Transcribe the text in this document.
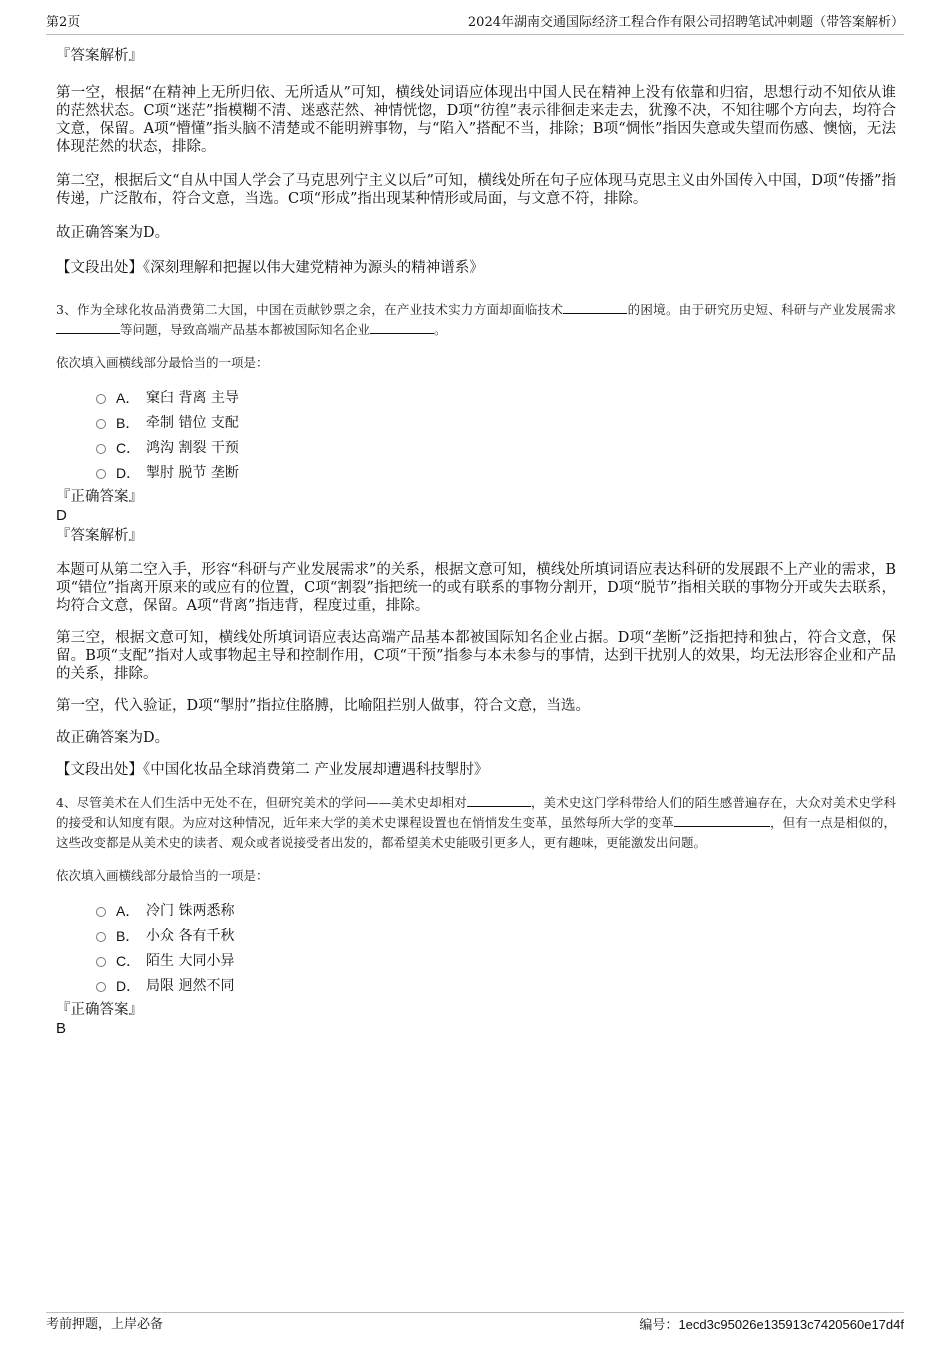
第2页	2024年湖南交通国际经济工程合作有限公司招聘笔试冲刺题（带答案解析）

『答案解析』

第一空，根据“在精神上无所归依、无所适从”可知，横线处词语应体现出中国人民在精神上没有依靠和归宿，思想行动不知依从谁的茫然状态。C项“迷茫”指模糊不清、迷惑茫然、神情恍惚，D项“彷徨”表示徘徊走来走去，犹豫不决，不知往哪个方向去，均符合文意，保留。A项“懵懂”指头脑不清楚或不能明辨事物，与“陷入”搭配不当，排除；B项“惆怅”指因失意或失望而伤感、懊恼，无法体现茫然的状态，排除。

第二空，根据后文“自从中国人学会了马克思列宁主义以后”可知，横线处所在句子应体现马克思主义由外国传入中国，D项“传播”指传递，广泛散布，符合文意，当选。C项“形成”指出现某种情形或局面，与文意不符，排除。

故正确答案为D。

【文段出处】《深刻理解和把握以伟大建党精神为源头的精神谱系》

3、作为全球化妆品消费第二大国，中国在贡献钞票之余，在产业技术实力方面却面临技术	的困境。由于研究历史短、科研与产业发展需求等问题，导致高端产品基本都被国际知名企业	。

依次填入画横线部分最恰当的一项是：

A． 窠臼 背离 主导
B． 牵制 错位 支配
C． 鸿沟 割裂 干预
D． 掣肘 脱节 垄断

『正确答案』

D

『答案解析』

本题可从第二空入手，形容“科研与产业发展需求”的关系，根据文意可知，横线处所填词语应表达科研的发展跟不上产业的需求，B项“错位”指离开原来的或应有的位置，C项“割裂”指把统一的或有联系的事物分割开，D项“脱节”指相关联的事物分开或失去联系，均符合文意，保留。A项“背离”指违背，程度过重，排除。

第三空，根据文意可知，横线处所填词语应表达高端产品基本都被国际知名企业占据。D项“垄断”泛指把持和独占，符合文意，保留。B项“支配”指对人或事物起主导和控制作用，C项“干预”指参与本未参与的事情，达到干扰别人的效果，均无法形容企业和产品的关系，排除。

第一空，代入验证，D项“掣肘”指拉住胳膊，比喻阻拦别人做事，符合文意，当选。

故正确答案为D。

【文段出处】《中国化妆品全球消费第二 产业发展却遭遇科技掣肘》

4、尽管美术在人们生活中无处不在，但研究美术的学问——美术史却相对	，美术史这门学科带给人们的陌生感普遍存在，大众对美术史学科的接受和认知度有限。为应对这种情况，近年来大学的美术史课程设置也在悄悄发生变革，虽然每所大学的变革	，但有一点是相似的，这些改变都是从美术史的读者、观众或者说接受者出发的，都希望美术史能吸引更多人，更有趣味，更能激发出问题。

依次填入画横线部分最恰当的一项是：

A． 冷门 铢两悉称
B． 小众 各有千秋
C． 陌生 大同小异
D． 局限 迥然不同

『正确答案』

B

考前押题，上岸必备	编号：1ecd3c95026e135913c7420560e17d4f
